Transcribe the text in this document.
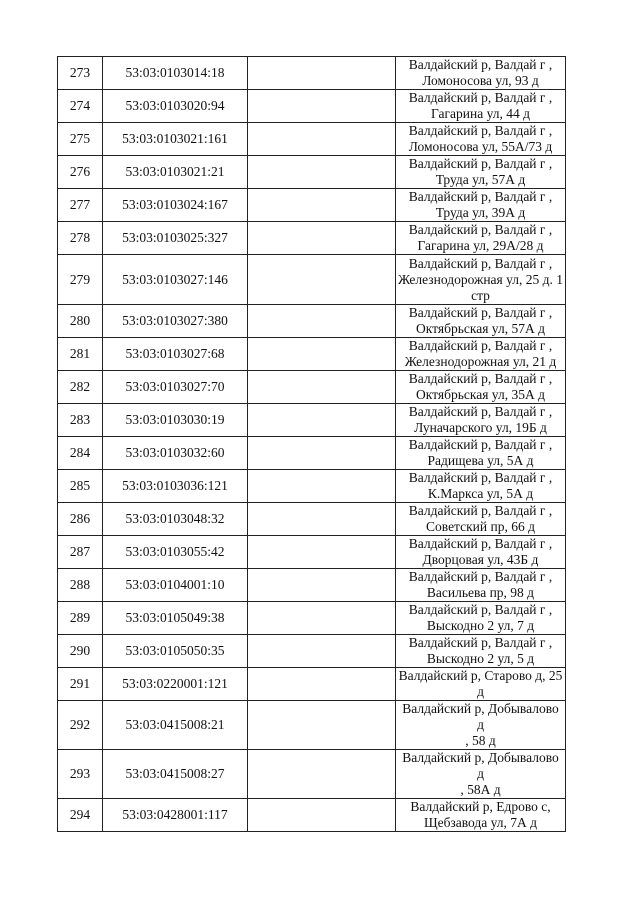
273	53:03:0103014:18		Валдайский р, Валдай г ,
Ломоносова ул, 93 д
274	53:03:0103020:94		Валдайский р, Валдай г ,
Гагарина ул, 44 д
275	53:03:0103021:161		Валдайский р, Валдай г ,
Ломоносова ул, 55А/73 д
276	53:03:0103021:21		Валдайский р, Валдай г ,
Труда ул, 57А д
277	53:03:0103024:167		Валдайский р, Валдай г ,
Труда ул, 39А д
278	53:03:0103025:327		Валдайский р, Валдай г ,
Гагарина ул, 29А/28 д
279	53:03:0103027:146		Валдайский р, Валдай г ,
Железнодорожная ул, 25 д. 1
стр
280	53:03:0103027:380		Валдайский р, Валдай г ,
Октябрьская ул, 57А д
281	53:03:0103027:68		Валдайский р, Валдай г ,
Железнодорожная ул, 21 д
282	53:03:0103027:70		Валдайский р, Валдай г ,
Октябрьская ул, 35А д
283	53:03:0103030:19		Валдайский р, Валдай г ,
Луначарского ул, 19Б д
284	53:03:0103032:60		Валдайский р, Валдай г ,
Радищева ул, 5А д
285	53:03:0103036:121		Валдайский р, Валдай г ,
К.Маркса ул, 5А д
286	53:03:0103048:32		Валдайский р, Валдай г ,
Советский пр, 66 д
287	53:03:0103055:42		Валдайский р, Валдай г ,
Дворцовая ул, 43Б д
288	53:03:0104001:10		Валдайский р, Валдай г ,
Васильева пр, 98 д
289	53:03:0105049:38		Валдайский р, Валдай г ,
Выскодно 2 ул, 7 д
290	53:03:0105050:35		Валдайский р, Валдай г ,
Выскодно 2 ул, 5 д
291	53:03:0220001:121		Валдайский р, Старово д, 25
д
292	53:03:0415008:21		Валдайский р, Добывалово д
, 58 д
293	53:03:0415008:27		Валдайский р, Добывалово д
, 58А д
294	53:03:0428001:117		Валдайский р, Едрово с,
Щебзавода ул, 7А д
